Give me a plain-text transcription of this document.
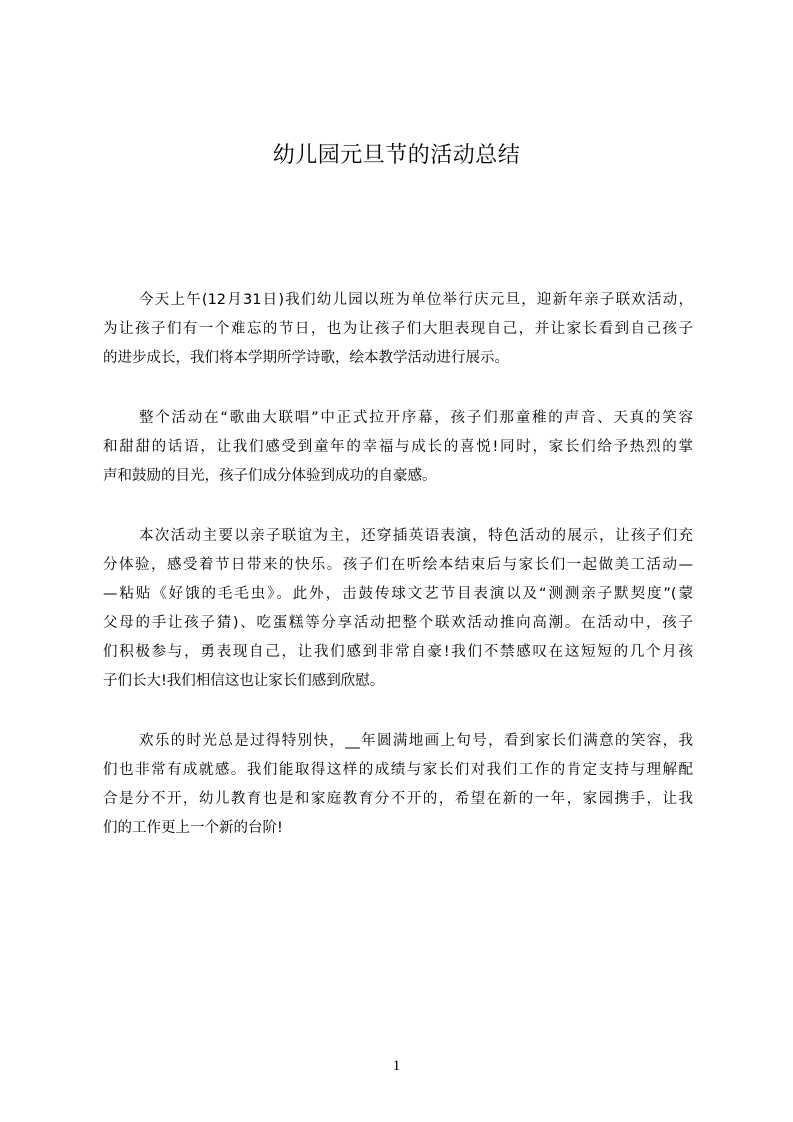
幼儿园元旦节的活动总结
今天上午(12月31日)我们幼儿园以班为单位举行庆元旦，迎新年亲子联欢活动，
为让孩子们有一个难忘的节日，也为让孩子们大胆表现自己，并让家长看到自己孩子
的进步成长，我们将本学期所学诗歌，绘本教学活动进行展示。
整个活动在“歌曲大联唱”中正式拉开序幕，孩子们那童稚的声音、天真的笑容
和甜甜的话语，让我们感受到童年的幸福与成长的喜悦!同时，家长们给予热烈的掌
声和鼓励的目光，孩子们成分体验到成功的自豪感。
本次活动主要以亲子联谊为主，还穿插英语表演，特色活动的展示，让孩子们充
分体验，感受着节日带来的快乐。孩子们在听绘本结束后与家长们一起做美工活动—
—粘贴《好饿的毛毛虫》。此外，击鼓传球文艺节目表演以及“测测亲子默契度”(蒙
父母的手让孩子猜)、吃蛋糕等分享活动把整个联欢活动推向高潮。在活动中，孩子
们积极参与，勇表现自己，让我们感到非常自豪!我们不禁感叹在这短短的几个月孩
子们长大!我们相信这也让家长们感到欣慰。
欢乐的时光总是过得特别快，__年圆满地画上句号，看到家长们满意的笑容，我
们也非常有成就感。我们能取得这样的成绩与家长们对我们工作的肯定支持与理解配
合是分不开，幼儿教育也是和家庭教育分不开的，希望在新的一年，家园携手，让我
们的工作更上一个新的台阶!
1
